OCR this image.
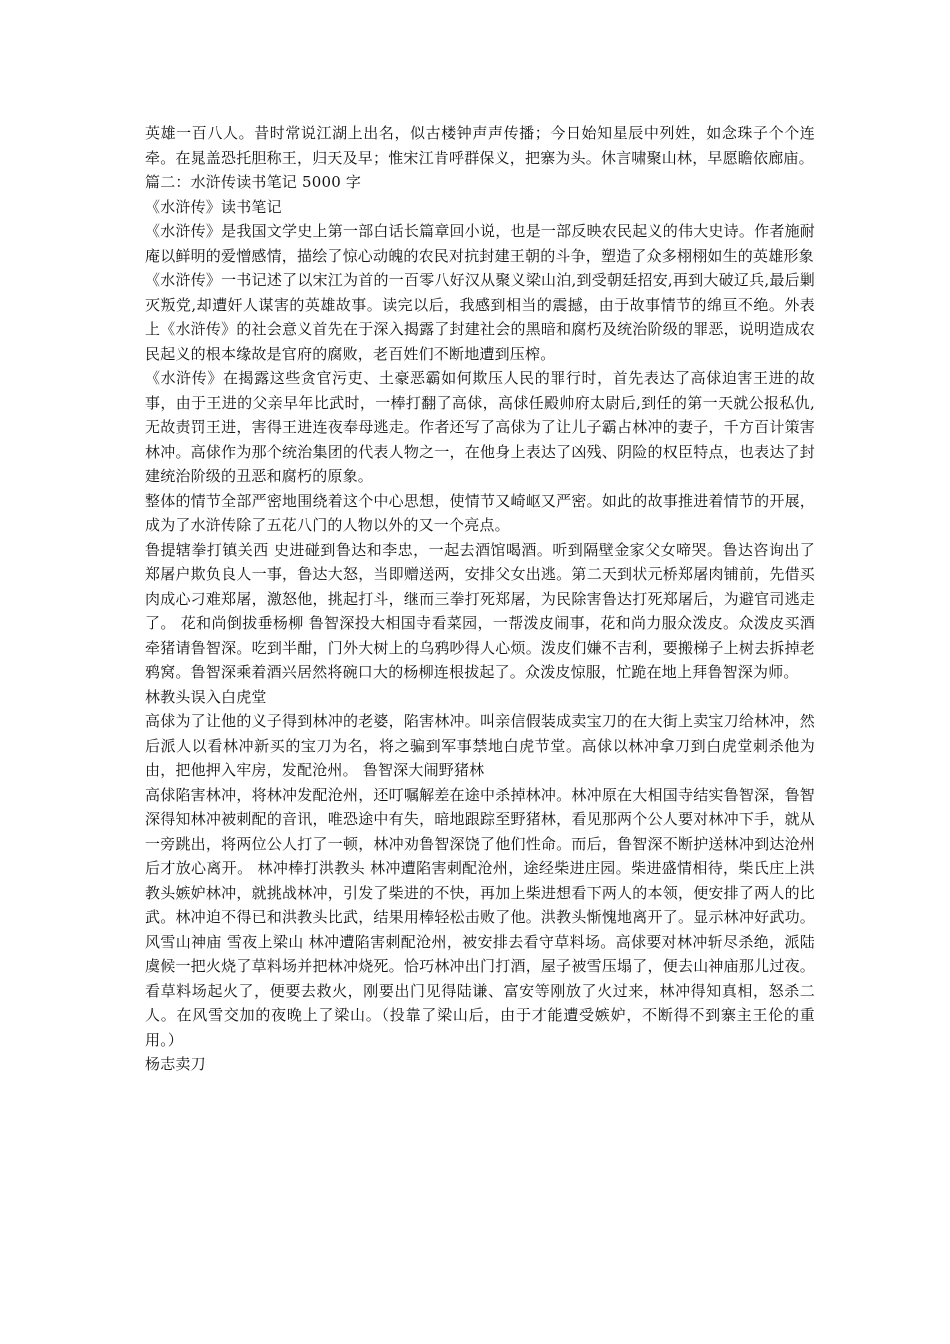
英雄一百八人。昔时常说江湖上出名，似古楼钟声声传播；今日始知星辰中列姓，如念珠子个个连牵。在晁盖恐托胆称王，归天及早；惟宋江肯呼群保义，把寨为头。休言啸聚山林，早愿瞻依廊庙。

篇二：水浒传读书笔记 5000 字

《水浒传》读书笔记

《水浒传》是我国文学史上第一部白话长篇章回小说，也是一部反映农民起义的伟大史诗。作者施耐庵以鲜明的爱憎感情，描绘了惊心动魄的农民对抗封建王朝的斗争，塑造了众多栩栩如生的英雄形象

《水浒传》一书记述了以宋江为首的一百零八好汉从聚义梁山泊,到受朝廷招安,再到大破辽兵,最后剿灭叛党,却遭奸人谋害的英雄故事。读完以后，我感到相当的震撼，由于故事情节的绵亘不绝。外表上《水浒传》的社会意义首先在于深入揭露了封建社会的黑暗和腐朽及统治阶级的罪恶，说明造成农民起义的根本缘故是官府的腐败，老百姓们不断地遭到压榨。

《水浒传》在揭露这些贪官污吏、土豪恶霸如何欺压人民的罪行时，首先表达了高俅迫害王进的故事，由于王进的父亲早年比武时，一棒打翻了高俅，高俅任殿帅府太尉后,到任的第一天就公报私仇,无故责罚王进，害得王进连夜奉母逃走。作者还写了高俅为了让儿子霸占林冲的妻子，千方百计策害林冲。高俅作为那个统治集团的代表人物之一，在他身上表达了凶残、阴险的权臣特点，也表达了封建统治阶级的丑恶和腐朽的原象。

整体的情节全部严密地围绕着这个中心思想，使情节又崎岖又严密。如此的故事推进着情节的开展，成为了水浒传除了五花八门的人物以外的又一个亮点。

鲁提辖拳打镇关西 史进碰到鲁达和李忠，一起去酒馆喝酒。听到隔壁金家父女啼哭。鲁达咨询出了郑屠户欺负良人一事，鲁达大怒，当即赠送两，安排父女出逃。第二天到状元桥郑屠肉铺前，先借买肉成心刁难郑屠，激怒他，挑起打斗，继而三拳打死郑屠，为民除害鲁达打死郑屠后，为避官司逃走了。 花和尚倒拔垂杨柳 鲁智深投大相国寺看菜园，一帮泼皮闹事，花和尚力服众泼皮。众泼皮买酒牵猪请鲁智深。吃到半酣，门外大树上的乌鸦吵得人心烦。泼皮们嫌不吉利，要搬梯子上树去拆掉老鸦窝。鲁智深乘着酒兴居然将碗口大的杨柳连根拔起了。众泼皮惊服，忙跪在地上拜鲁智深为师。

林教头误入白虎堂

高俅为了让他的义子得到林冲的老婆，陷害林冲。叫亲信假装成卖宝刀的在大街上卖宝刀给林冲，然后派人以看林冲新买的宝刀为名，将之骗到军事禁地白虎节堂。高俅以林冲拿刀到白虎堂刺杀他为由，把他押入牢房，发配沧州。 鲁智深大闹野猪林

高俅陷害林冲，将林冲发配沧州，还叮嘱解差在途中杀掉林冲。林冲原在大相国寺结实鲁智深，鲁智深得知林冲被刺配的音讯，唯恐途中有失，暗地跟踪至野猪林，看见那两个公人要对林冲下手，就从一旁跳出，将两位公人打了一顿，林冲劝鲁智深饶了他们性命。而后，鲁智深不断护送林冲到达沧州后才放心离开。 林冲棒打洪教头 林冲遭陷害刺配沧州，途经柴进庄园。柴进盛情相待，柴氏庄上洪教头嫉妒林冲，就挑战林冲，引发了柴进的不快，再加上柴进想看下两人的本领，便安排了两人的比武。林冲迫不得已和洪教头比武，结果用棒轻松击败了他。洪教头惭愧地离开了。显示林冲好武功。风雪山神庙 雪夜上梁山 林冲遭陷害刺配沧州，被安排去看守草料场。高俅要对林冲斩尽杀绝，派陆虞候一把火烧了草料场并把林冲烧死。恰巧林冲出门打酒，屋子被雪压塌了，便去山神庙那儿过夜。看草料场起火了，便要去救火，刚要出门见得陆谦、富安等刚放了火过来，林冲得知真相，怒杀二人。在风雪交加的夜晚上了梁山。（投靠了梁山后，由于才能遭受嫉妒，不断得不到寨主王伦的重用。）

杨志卖刀
